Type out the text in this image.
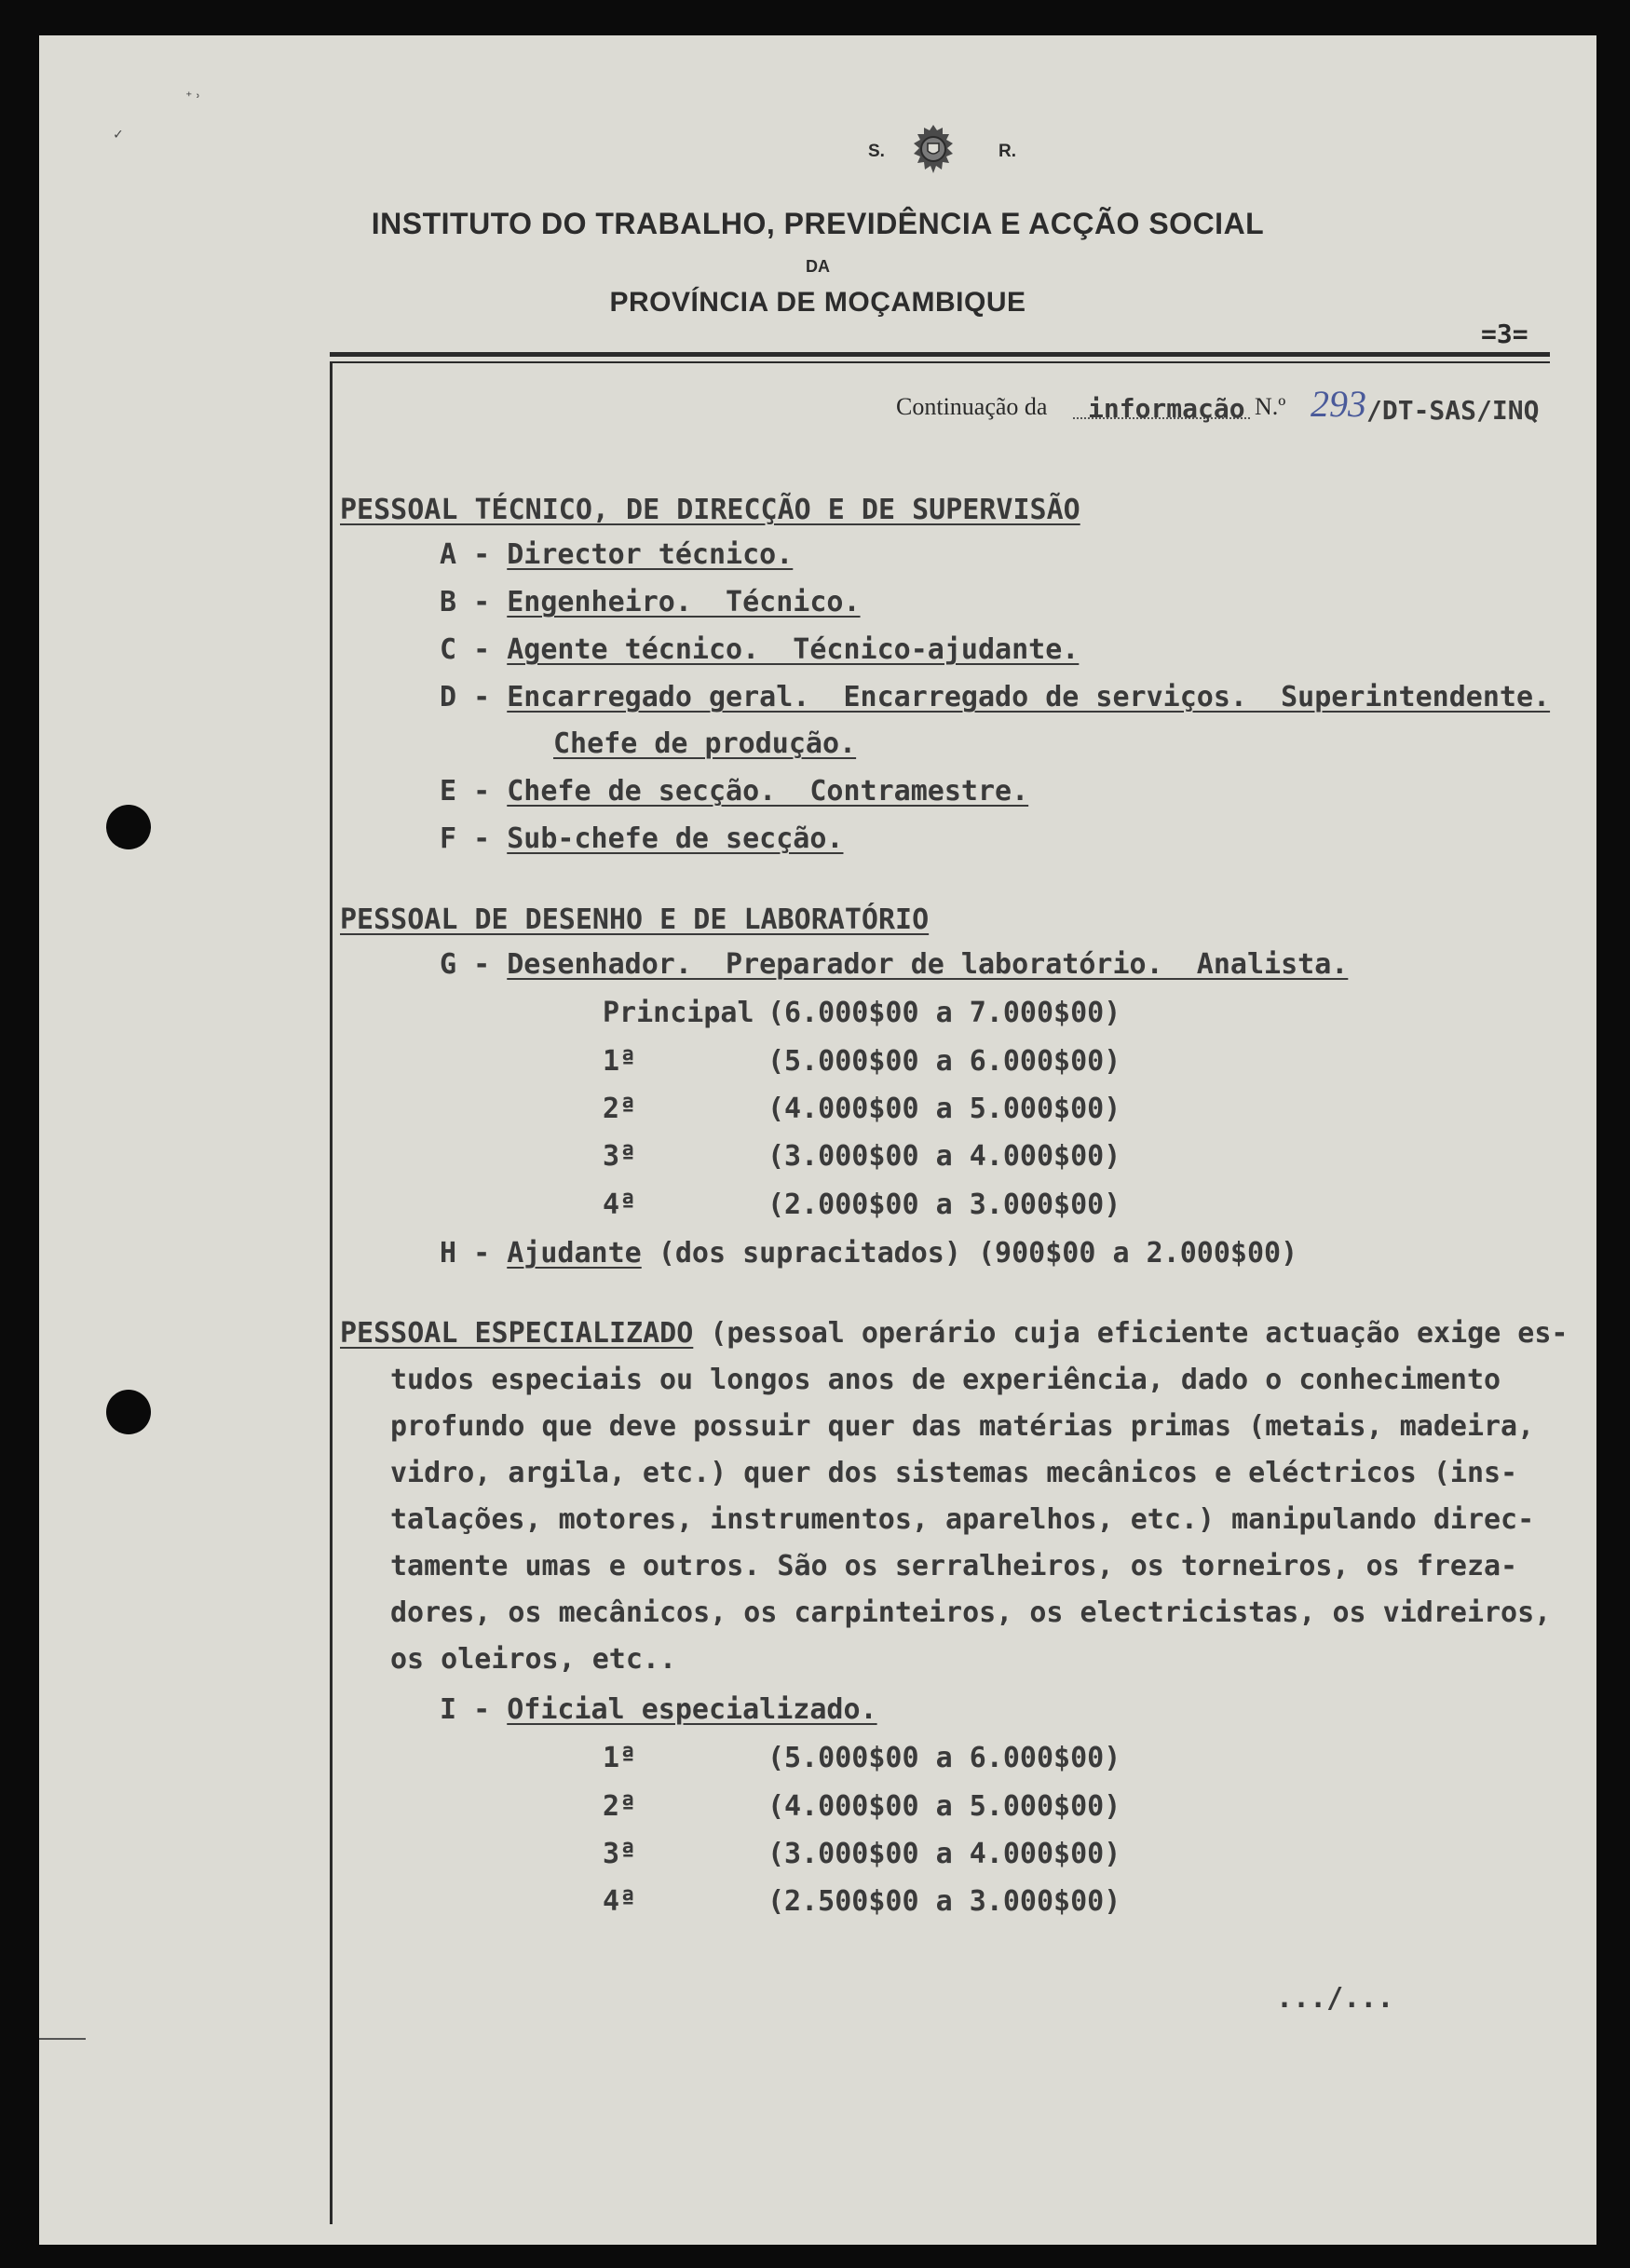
⁺˒
✓
S.	R.
INSTITUTO DO TRABALHO, PREVIDÊNCIA E ACÇÃO SOCIAL
DA
PROVÍNCIA DE MOÇAMBIQUE
=3=
Continuação da informação N.º 293 /DT-SAS/INQ
PESSOAL TÉCNICO, DE DIRECÇÃO E DE SUPERVISÃO
A - Director técnico.
B - Engenheiro.  Técnico.
C - Agente técnico.  Técnico-ajudante.
D - Encarregado geral.  Encarregado de serviços.  Superintendente.
Chefe de produção.
E - Chefe de secção.  Contramestre.
F - Sub-chefe de secção.
PESSOAL DE DESENHO E DE LABORATÓRIO
G - Desenhador.  Preparador de laboratório.  Analista.
Principal (6.000$00 a 7.000$00)
1ª	(5.000$00 a 6.000$00)
2ª	(4.000$00 a 5.000$00)
3ª	(3.000$00 a 4.000$00)
4ª	(2.000$00 a 3.000$00)
H - Ajudante (dos supracitados) (900$00 a 2.000$00)
PESSOAL ESPECIALIZADO (pessoal operário cuja eficiente actuação exige es-
tudos especiais ou longos anos de experiência, dado o conhecimento
profundo que deve possuir quer das matérias primas (metais, madeira,
vidro, argila, etc.) quer dos sistemas mecânicos e eléctricos (ins-
talações, motores, instrumentos, aparelhos, etc.) manipulando direc-
tamente umas e outros. São os serralheiros, os torneiros, os freza-
dores, os mecânicos, os carpinteiros, os electricistas, os vidreiros,
os oleiros, etc..
I - Oficial especializado.
1ª	(5.000$00 a 6.000$00)
2ª	(4.000$00 a 5.000$00)
3ª	(3.000$00 a 4.000$00)
4ª	(2.500$00 a 3.000$00)
.../...
